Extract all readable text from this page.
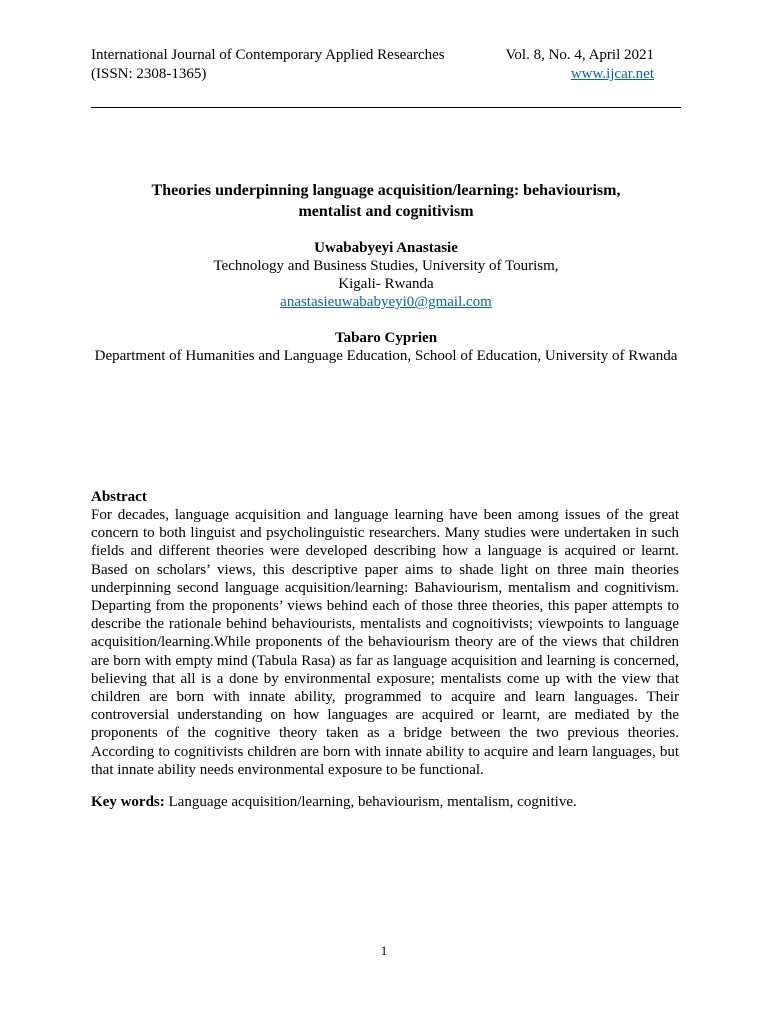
International Journal of Contemporary Applied Researches
(ISSN: 2308-1365)
Vol. 8, No. 4, April 2021
www.ijcar.net
Theories underpinning language acquisition/learning: behaviourism,
mentalist and cognitivism
Uwababyeyi Anastasie
Technology and Business Studies, University of Tourism,
Kigali- Rwanda
anastasieuwababyeyi0@gmail.com
Tabaro Cyprien
Department of Humanities and Language Education, School of Education, University of Rwanda
Abstract
For decades, language acquisition and language learning have been among issues of the great concern to both linguist and psycholinguistic researchers. Many studies were undertaken in such fields and different theories were developed describing how a language is acquired or learnt. Based on scholars’ views, this descriptive paper aims to shade light on three main theories underpinning second language acquisition/learning: Bahaviourism, mentalism and cognitivism. Departing from the proponents’ views behind each of those three theories, this paper attempts to describe the rationale behind behaviourists, mentalists and cognoitivists; viewpoints to language acquisition/learning.While proponents of the behaviourism theory are of the views that children are born with empty mind (Tabula Rasa) as far as language acquisition and learning is concerned, believing that all is a done by environmental exposure; mentalists come up with the view that children are born with innate ability, programmed to acquire and learn languages. Their controversial understanding on how languages are acquired or learnt, are mediated by the proponents of the cognitive theory taken as a bridge between the two previous theories. According to cognitivists children are born with innate ability to acquire and learn languages, but that innate ability needs environmental exposure to be functional.
Key words: Language acquisition/learning, behaviourism, mentalism, cognitive.
1
